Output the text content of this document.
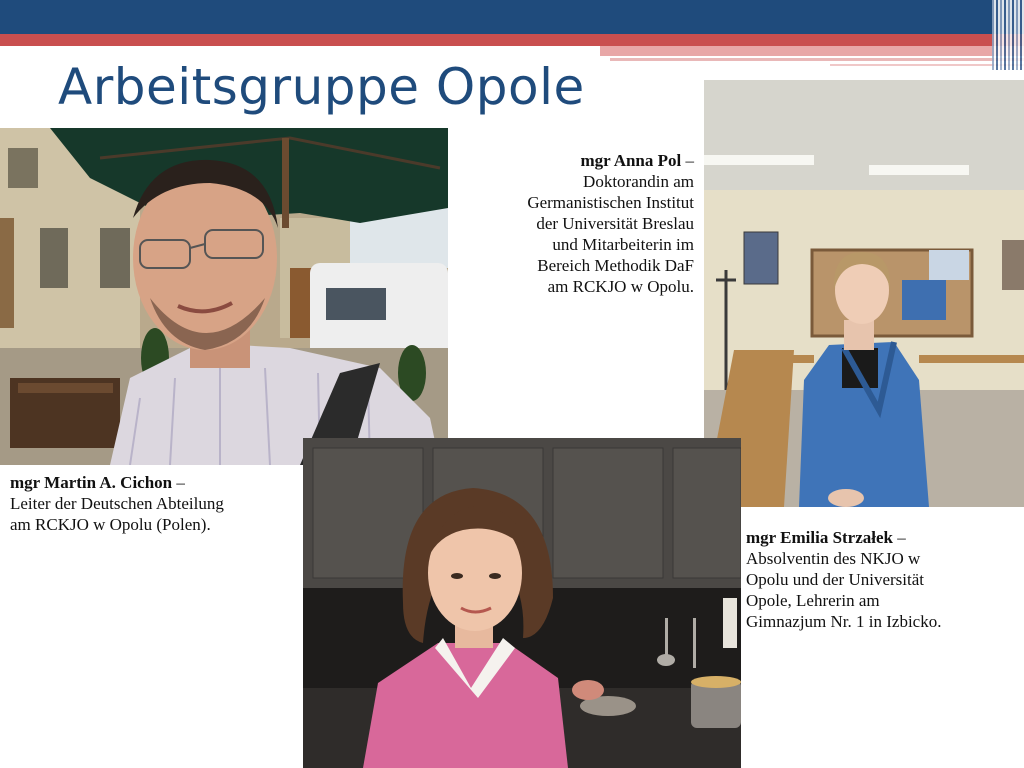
Arbeitsgruppe Opole
mgr Anna Pol –
Doktorandin am
Germanistischen Institut
der Universität Breslau
und Mitarbeiterin im
Bereich Methodik DaF
am RCKJO w Opolu.
mgr Martin A. Cichon –
Leiter der Deutschen Abteilung
am RCKJO w Opolu (Polen).
mgr Emilia Strzałek –
Absolventin des NKJO w
Opolu und der Universität
Opole, Lehrerin am
Gimnazjum Nr. 1 in Izbicko.
